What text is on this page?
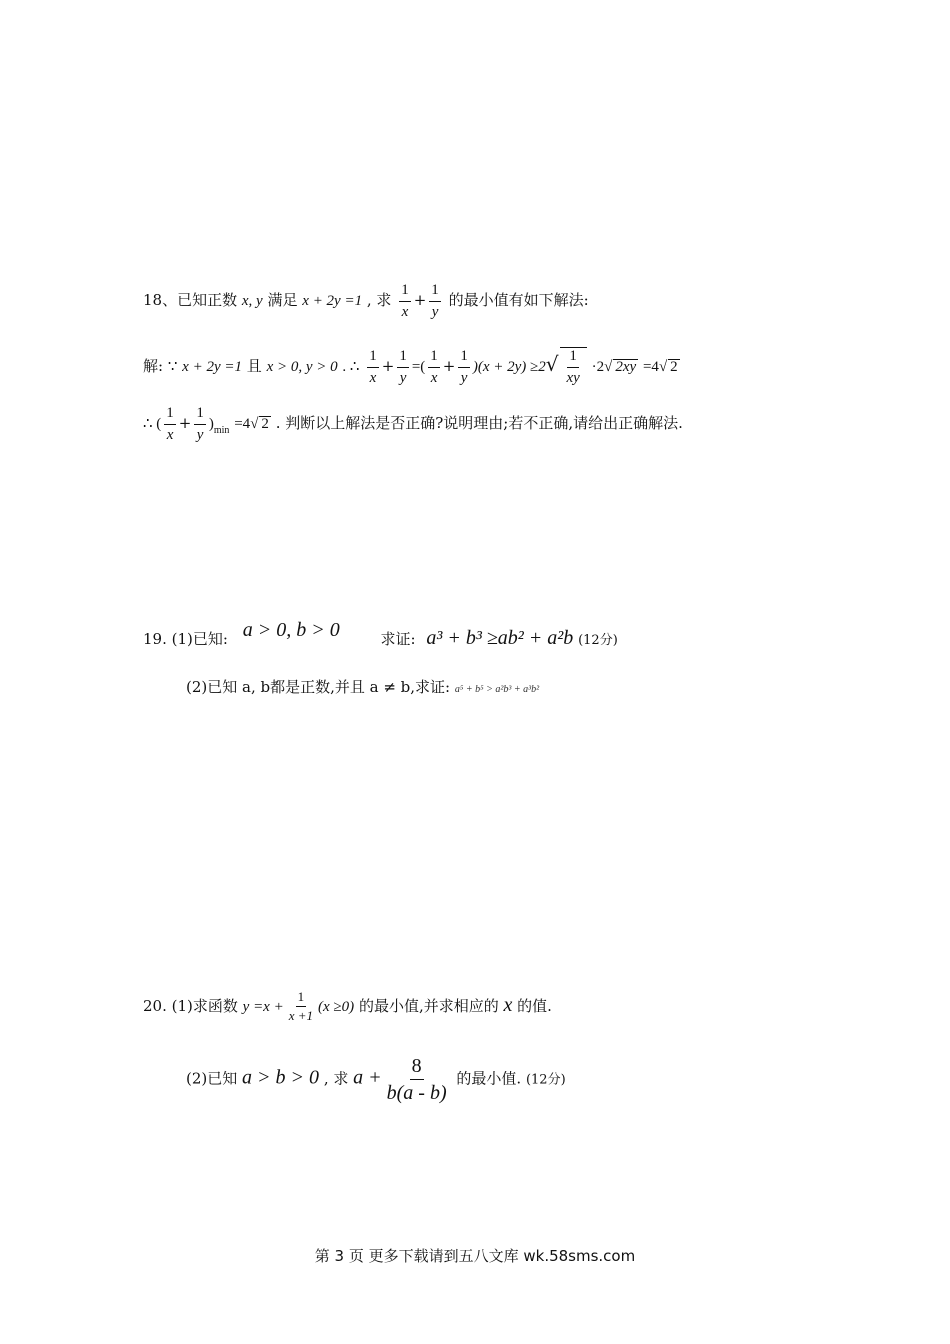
18、已知正数 x, y 满足 x + 2y =1 , 求 $\frac{1}{x} + \frac{1}{y}$ 的最小值有如下解法:
解: ∵ x + 2y =1 且 x > 0, y > 0 . ∴ $\frac{1}{x} + \frac{1}{y}$ =( $\frac{1}{x} + \frac{1}{y} )(x + 2y) \ge 2√ \frac{1}{xy} \cdot 2√$ 2xy =4√ 2
∴ ( $\frac{1}{x} + \frac{1}{y} )_{min} =4√$ 2 . 判断以上解法是否正确?说明理由;若不正确,请给出正确解法.
19. (1)已知: a > 0, b > 0	求证: a³ + b³ ≥ab² + a²b (12分)
(2)已知 a, b都是正数,并且 a ≠ b,求证: a⁵ + b⁵ > a²b³ + a³b²
20. (1)求函数 $y =x + \frac{1}{x +1} (x \ge 0)$ 的最小值,并求相应的 x 的值.
(2)已知 a > b > 0 , 求 $a + \frac{8}{b(a - b)}$ 的最小值. (12分)
第 3 页 更多下载请到五八文库 wk.58sms.com
